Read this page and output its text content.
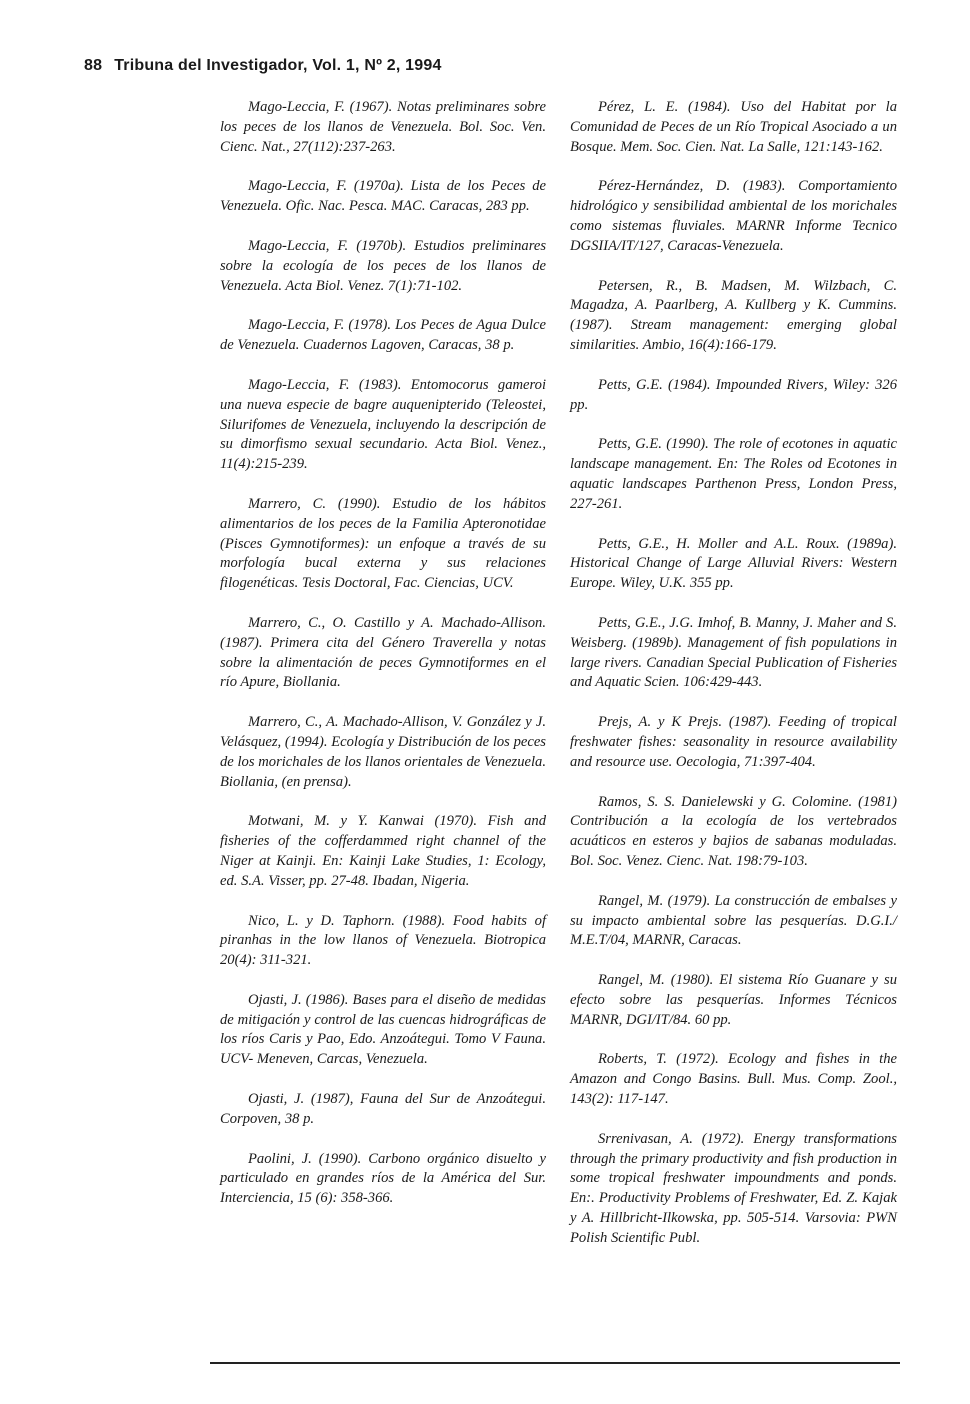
88 Tribuna del Investigador, Vol. 1, Nº 2, 1994

Mago-Leccia, F. (1967). Notas preliminares sobre los peces de los llanos de Venezuela. Bol. Soc. Ven. Cienc. Nat., 27(112):237-263.

Mago-Leccia, F. (1970a). Lista de los Peces de Venezuela. Ofic. Nac. Pesca. MAC. Caracas, 283 pp.

Mago-Leccia, F. (1970b). Estudios preliminares sobre la ecología de los peces de los llanos de Venezuela. Acta Biol. Venez. 7(1):71-102.

Mago-Leccia, F. (1978). Los Peces de Agua Dulce de Venezuela. Cuadernos Lagoven, Caracas, 38 p.

Mago-Leccia, F. (1983). Entomocorus gameroi una nueva especie de bagre auquenipterido (Teleostei, Silurifomes de Venezuela, incluyendo la descripción de su dimorfismo sexual secundario. Acta Biol. Venez., 11(4):215-239.

Marrero, C. (1990). Estudio de los hábitos alimentarios de los peces de la Familia Apteronotidae (Pisces Gymnotiformes): un enfoque a través de su morfología bucal externa y sus relaciones filogenéticas. Tesis Doctoral, Fac. Ciencias, UCV.

Marrero, C., O. Castillo y A. Machado-Allison. (1987). Primera cita del Género Traverella y notas sobre la alimentación de peces Gymnotiformes en el río Apure, Biollania.

Marrero, C., A. Machado-Allison, V. González y J. Velásquez, (1994). Ecología y Distribución de los peces de los morichales de los llanos orientales de Venezuela. Biollania, (en prensa).

Motwani, M. y Y. Kanwai (1970). Fish and fisheries of the cofferdammed right channel of the Niger at Kainji. En: Kainji Lake Studies, 1: Ecology, ed. S.A. Visser, pp. 27-48. Ibadan, Nigeria.

Nico, L. y D. Taphorn. (1988). Food habits of piranhas in the low llanos of Venezuela. Biotropica 20(4): 311-321.

Ojasti, J. (1986). Bases para el diseño de medidas de mitigación y control de las cuencas hidrográficas de los ríos Caris y Pao, Edo. Anzoátegui. Tomo V Fauna. UCV- Meneven, Carcas, Venezuela.

Ojasti, J. (1987), Fauna del Sur de Anzoátegui. Corpoven, 38 p.

Paolini, J. (1990). Carbono orgánico disuelto y particulado en grandes ríos de la América del Sur. Interciencia, 15 (6): 358-366.

Pérez, L. E. (1984). Uso del Habitat por la Comunidad de Peces de un Río Tropical Asociado a un Bosque. Mem. Soc. Cien. Nat. La Salle, 121:143-162.

Pérez-Hernández, D. (1983). Comportamiento hidrológico y sensibilidad ambiental de los morichales como sistemas fluviales. MARNR Informe Tecnico DGSIIA/IT/127, Caracas-Venezuela.

Petersen, R., B. Madsen, M. Wilzbach, C. Magadza, A. Paarlberg, A. Kullberg y K. Cummins. (1987). Stream management: emerging global similarities. Ambio, 16(4):166-179.

Petts, G.E. (1984). Impounded Rivers, Wiley: 326 pp.

Petts, G.E. (1990). The role of ecotones in aquatic landscape management. En: The Roles od Ecotones in aquatic landscapes Parthenon Press, London Press, 227-261.

Petts, G.E., H. Moller and A.L. Roux. (1989a). Historical Change of Large Alluvial Rivers: Western Europe. Wiley, U.K. 355 pp.

Petts, G.E., J.G. Imhof, B. Manny, J. Maher and S. Weisberg. (1989b). Management of fish populations in large rivers. Canadian Special Publication of Fisheries and Aquatic Scien. 106:429-443.

Prejs, A. y K Prejs. (1987). Feeding of tropical freshwater fishes: seasonality in resource availability and resource use. Oecologia, 71:397-404.

Ramos, S. S. Danielewski y G. Colomine. (1981) Contribución a la ecología de los vertebrados acuáticos en esteros y bajios de sabanas moduladas. Bol. Soc. Venez. Cienc. Nat. 198:79-103.

Rangel, M. (1979). La construcción de embalses y su impacto ambiental sobre las pesquerías. D.G.I./ M.E.T/04, MARNR, Caracas.

Rangel, M. (1980). El sistema Río Guanare y su efecto sobre las pesquerías. Informes Técnicos MARNR, DGI/IT/84. 60 pp.

Roberts, T. (1972). Ecology and fishes in the Amazon and Congo Basins. Bull. Mus. Comp. Zool., 143(2): 117-147.

Srrenivasan, A. (1972). Energy transformations through the primary productivity and fish production in some tropical freshwater impoundments and ponds. En:. Productivity Problems of Freshwater, Ed. Z. Kajak y A. Hillbricht-Ilkowska, pp. 505-514. Varsovia: PWN Polish Scientific Publ.
